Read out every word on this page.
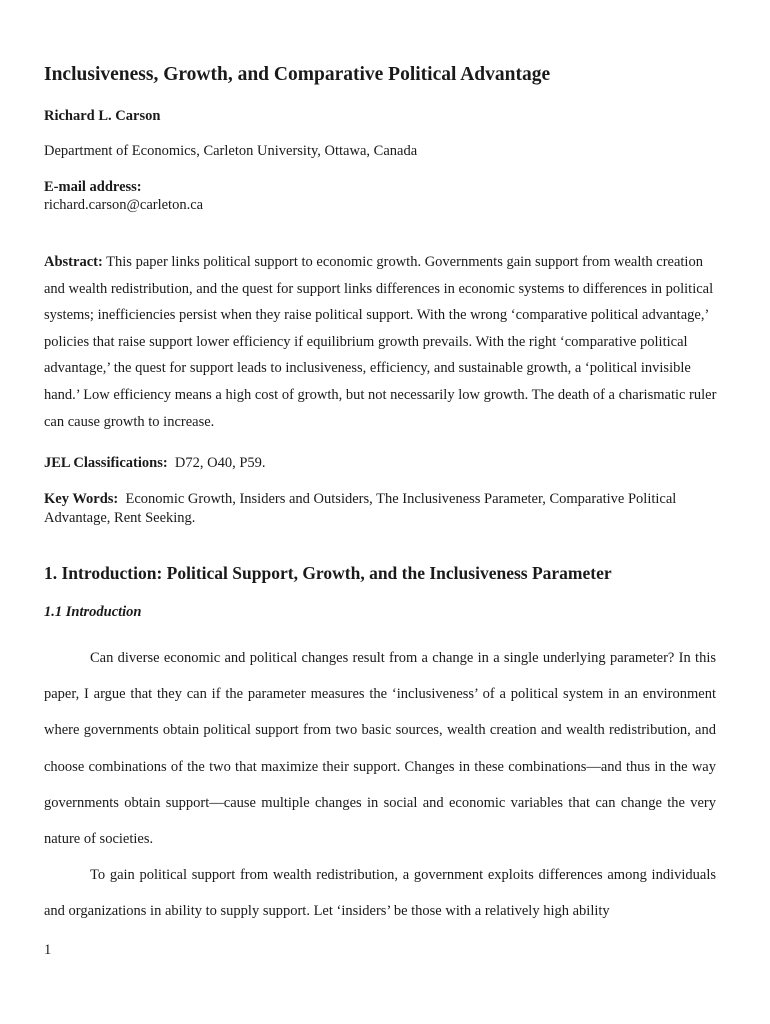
Inclusiveness, Growth, and Comparative Political Advantage

Richard L. Carson

Department of Economics, Carleton University, Ottawa, Canada

E-mail address:
richard.carson@carleton.ca

Abstract: This paper links political support to economic growth. Governments gain support from wealth creation and wealth redistribution, and the quest for support links differences in economic systems to differences in political systems; inefficiencies persist when they raise political support. With the wrong ‘comparative political advantage,’ policies that raise support lower efficiency if equilibrium growth prevails. With the right ‘comparative political advantage,’ the quest for support leads to inclusiveness, efficiency, and sustainable growth, a ‘political invisible hand.’ Low efficiency means a high cost of growth, but not necessarily low growth. The death of a charismatic ruler can cause growth to increase.

JEL Classifications: D72, O40, P59.

Key Words: Economic Growth, Insiders and Outsiders, The Inclusiveness Parameter, Comparative Political Advantage, Rent Seeking.

1. Introduction: Political Support, Growth, and the Inclusiveness Parameter
1.1 Introduction

Can diverse economic and political changes result from a change in a single underlying parameter? In this paper, I argue that they can if the parameter measures the ‘inclusiveness’ of a political system in an environment where governments obtain political support from two basic sources, wealth creation and wealth redistribution, and choose combinations of the two that maximize their support. Changes in these combinations—and thus in the way governments obtain support—cause multiple changes in social and economic variables that can change the very nature of societies.

To gain political support from wealth redistribution, a government exploits differences among individuals and organizations in ability to supply support. Let ‘insiders’ be those with a relatively high ability

1
